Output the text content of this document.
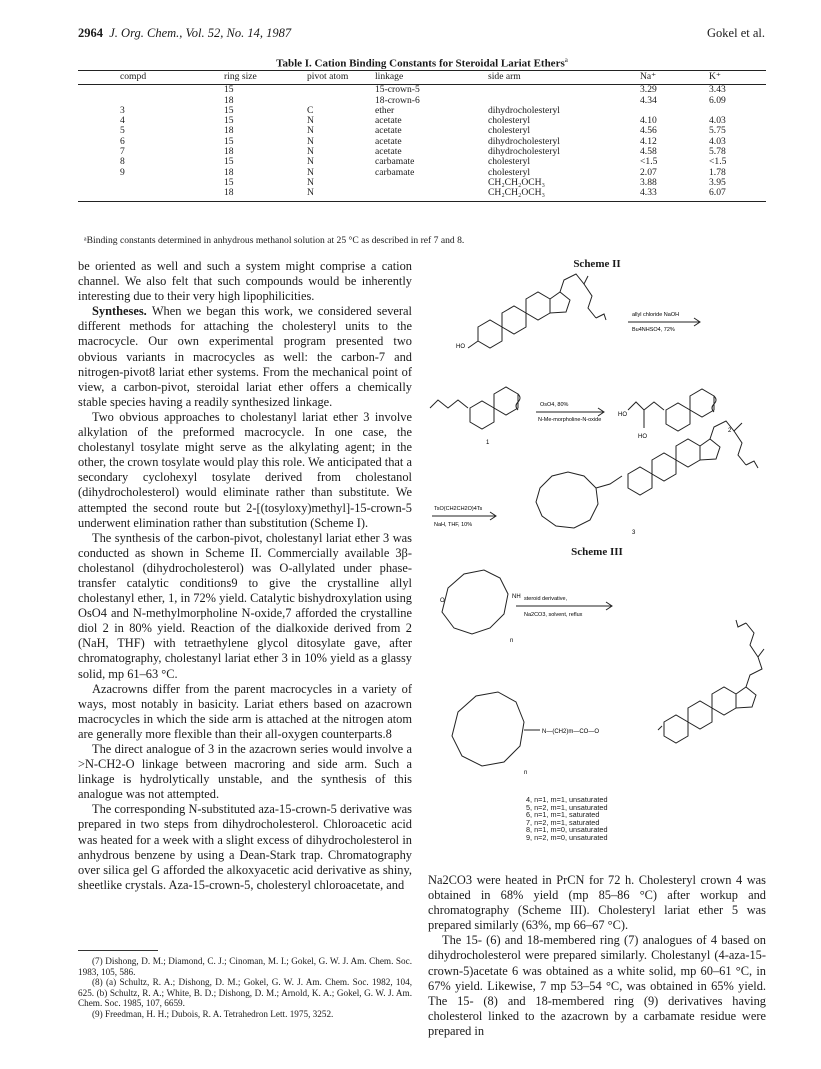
2964 J. Org. Chem., Vol. 52, No. 14, 1987	Gokel et al.
Table I. Cation Binding Constants for Steroidal Lariat Ethers$^a$
compd	ring size	pivot atom	linkage	side arm	Na⁺	K⁺
	15		15-crown-5		3.29	3.43
	18		18-crown-6		4.34	6.09
3	15	C	ether	dihydrocholesteryl		
4	15	N	acetate	cholesteryl	4.10	4.03
5	18	N	acetate	cholesteryl	4.56	5.75
6	15	N	acetate	dihydrocholesteryl	4.12	4.03
7	18	N	acetate	dihydrocholesteryl	4.58	5.78
8	15	N	carbamate	cholesteryl	<1.5	<1.5
9	18	N	carbamate	cholesteryl	2.07	1.78
	15	N		CH₂CH₂OCH₃	3.88	3.95
	18	N		CH₂CH₂OCH₃	4.33	6.07
ᵃBinding constants determined in anhydrous methanol solution at 25 °C as described in ref 7 and 8.

be oriented as well and such a system might comprise a cation channel. We also felt that such compounds would be inherently interesting due to their very high lipophilicities.

Syntheses. When we began this work, we considered several different methods for attaching the cholesteryl units to the macrocycle. Our own experimental program presented two obvious variants in macrocycles as well: the carbon-7 and nitrogen-pivot8 lariat ether systems. From the mechanical point of view, a carbon-pivot, steroidal lariat ether offers a chemically stable species having a readily synthesized linkage.

Two obvious approaches to cholestanyl lariat ether 3 involve alkylation of the preformed macrocycle. In one case, the cholestanyl tosylate might serve as the alkylating agent; in the other, the crown tosylate would play this role. We anticipated that a secondary cyclohexyl tosylate derived from cholestanol (dihydrocholesterol) would eliminate rather than substitute. We attempted the second route but 2-[(tosyloxy)methyl]-15-crown-5 underwent elimination rather than substitution (Scheme I).

The synthesis of the carbon-pivot, cholestanyl lariat ether 3 was conducted as shown in Scheme II. Commercially available 3β-cholestanol (dihydrocholesterol) was O-allylated under phase-transfer catalytic conditions9 to give the crystalline allyl cholestanyl ether, 1, in 72% yield. Catalytic bishydroxylation using OsO4 and N-methylmorpholine N-oxide,7 afforded the crystalline diol 2 in 80% yield. Reaction of the dialkoxide derived from 2 (NaH, THF) with tetraethylene glycol ditosylate gave, after chromatography, cholestanyl lariat ether 3 in 10% yield as a glassy solid, mp 61–63 °C.

Azacrowns differ from the parent macrocycles in a variety of ways, most notably in basicity. Lariat ethers based on azacrown macrocycles in which the side arm is attached at the nitrogen atom are generally more flexible than their all-oxygen counterparts.8

The direct analogue of 3 in the azacrown series would involve a >N-CH2-O linkage between macroring and side arm. Such a linkage is hydrolytically unstable, and the synthesis of this analogue was not attempted.

The corresponding N-substituted aza-15-crown-5 derivative was prepared in two steps from dihydrocholesterol. Chloroacetic acid was heated for a week with a slight excess of dihydrocholesterol in anhydrous benzene by using a Dean-Stark trap. Chromatography over silica gel G afforded the alkoxyacetic acid derivative as shiny, sheetlike crystals. Aza-15-crown-5, cholesteryl chloroacetate, and

(7) Dishong, D. M.; Diamond, C. J.; Cinoman, M. I.; Gokel, G. W. J. Am. Chem. Soc. 1983, 105, 586.

(8) (a) Schultz, R. A.; Dishong, D. M.; Gokel, G. W. J. Am. Chem. Soc. 1982, 104, 625. (b) Schultz, R. A.; White, B. D.; Dishong, D. M.; Arnold, K. A.; Gokel, G. W. J. Am. Chem. Soc. 1985, 107, 6659.

(9) Freedman, H. H.; Dubois, R. A. Tetrahedron Lett. 1975, 3252.

Na2CO3 were heated in PrCN for 72 h. Cholesteryl crown 4 was obtained in 68% yield (mp 85–86 °C) after workup and chromatography (Scheme III). Cholesteryl lariat ether 5 was prepared similarly (63%, mp 66–67 °C).

The 15- (6) and 18-membered ring (7) analogues of 4 based on dihydrocholesterol were prepared similarly. Cholestanyl (4-aza-15-crown-5)acetate 6 was obtained as a white solid, mp 60–61 °C, in 67% yield. Likewise, 7 mp 53–54 °C, was obtained in 65% yield. The 15- (8) and 18-membered ring (9) derivatives having cholesterol linked to the azacrown by a carbamate residue were prepared in

Scheme II
HO
allyl chloride NaOH
Bu4NHSO4, 72%
1
OsO4, 80%
N-Me-morpholine-N-oxide
HO
HO
2
TsO(CH2CH2O)4Ts
NaH, THF, 10%
3
Scheme III
NH
O
n
steroid derivative,
Na2CO3, solvent, reflux
N—(CH2)m—CO—O
n
4, n=1, m=1, unsaturated
5, n=2, m=1, unsaturated
6, n=1, m=1, saturated
7, n=2, m=1, saturated
8, n=1, m=0, unsaturated
9, n=2, m=0, unsaturated
